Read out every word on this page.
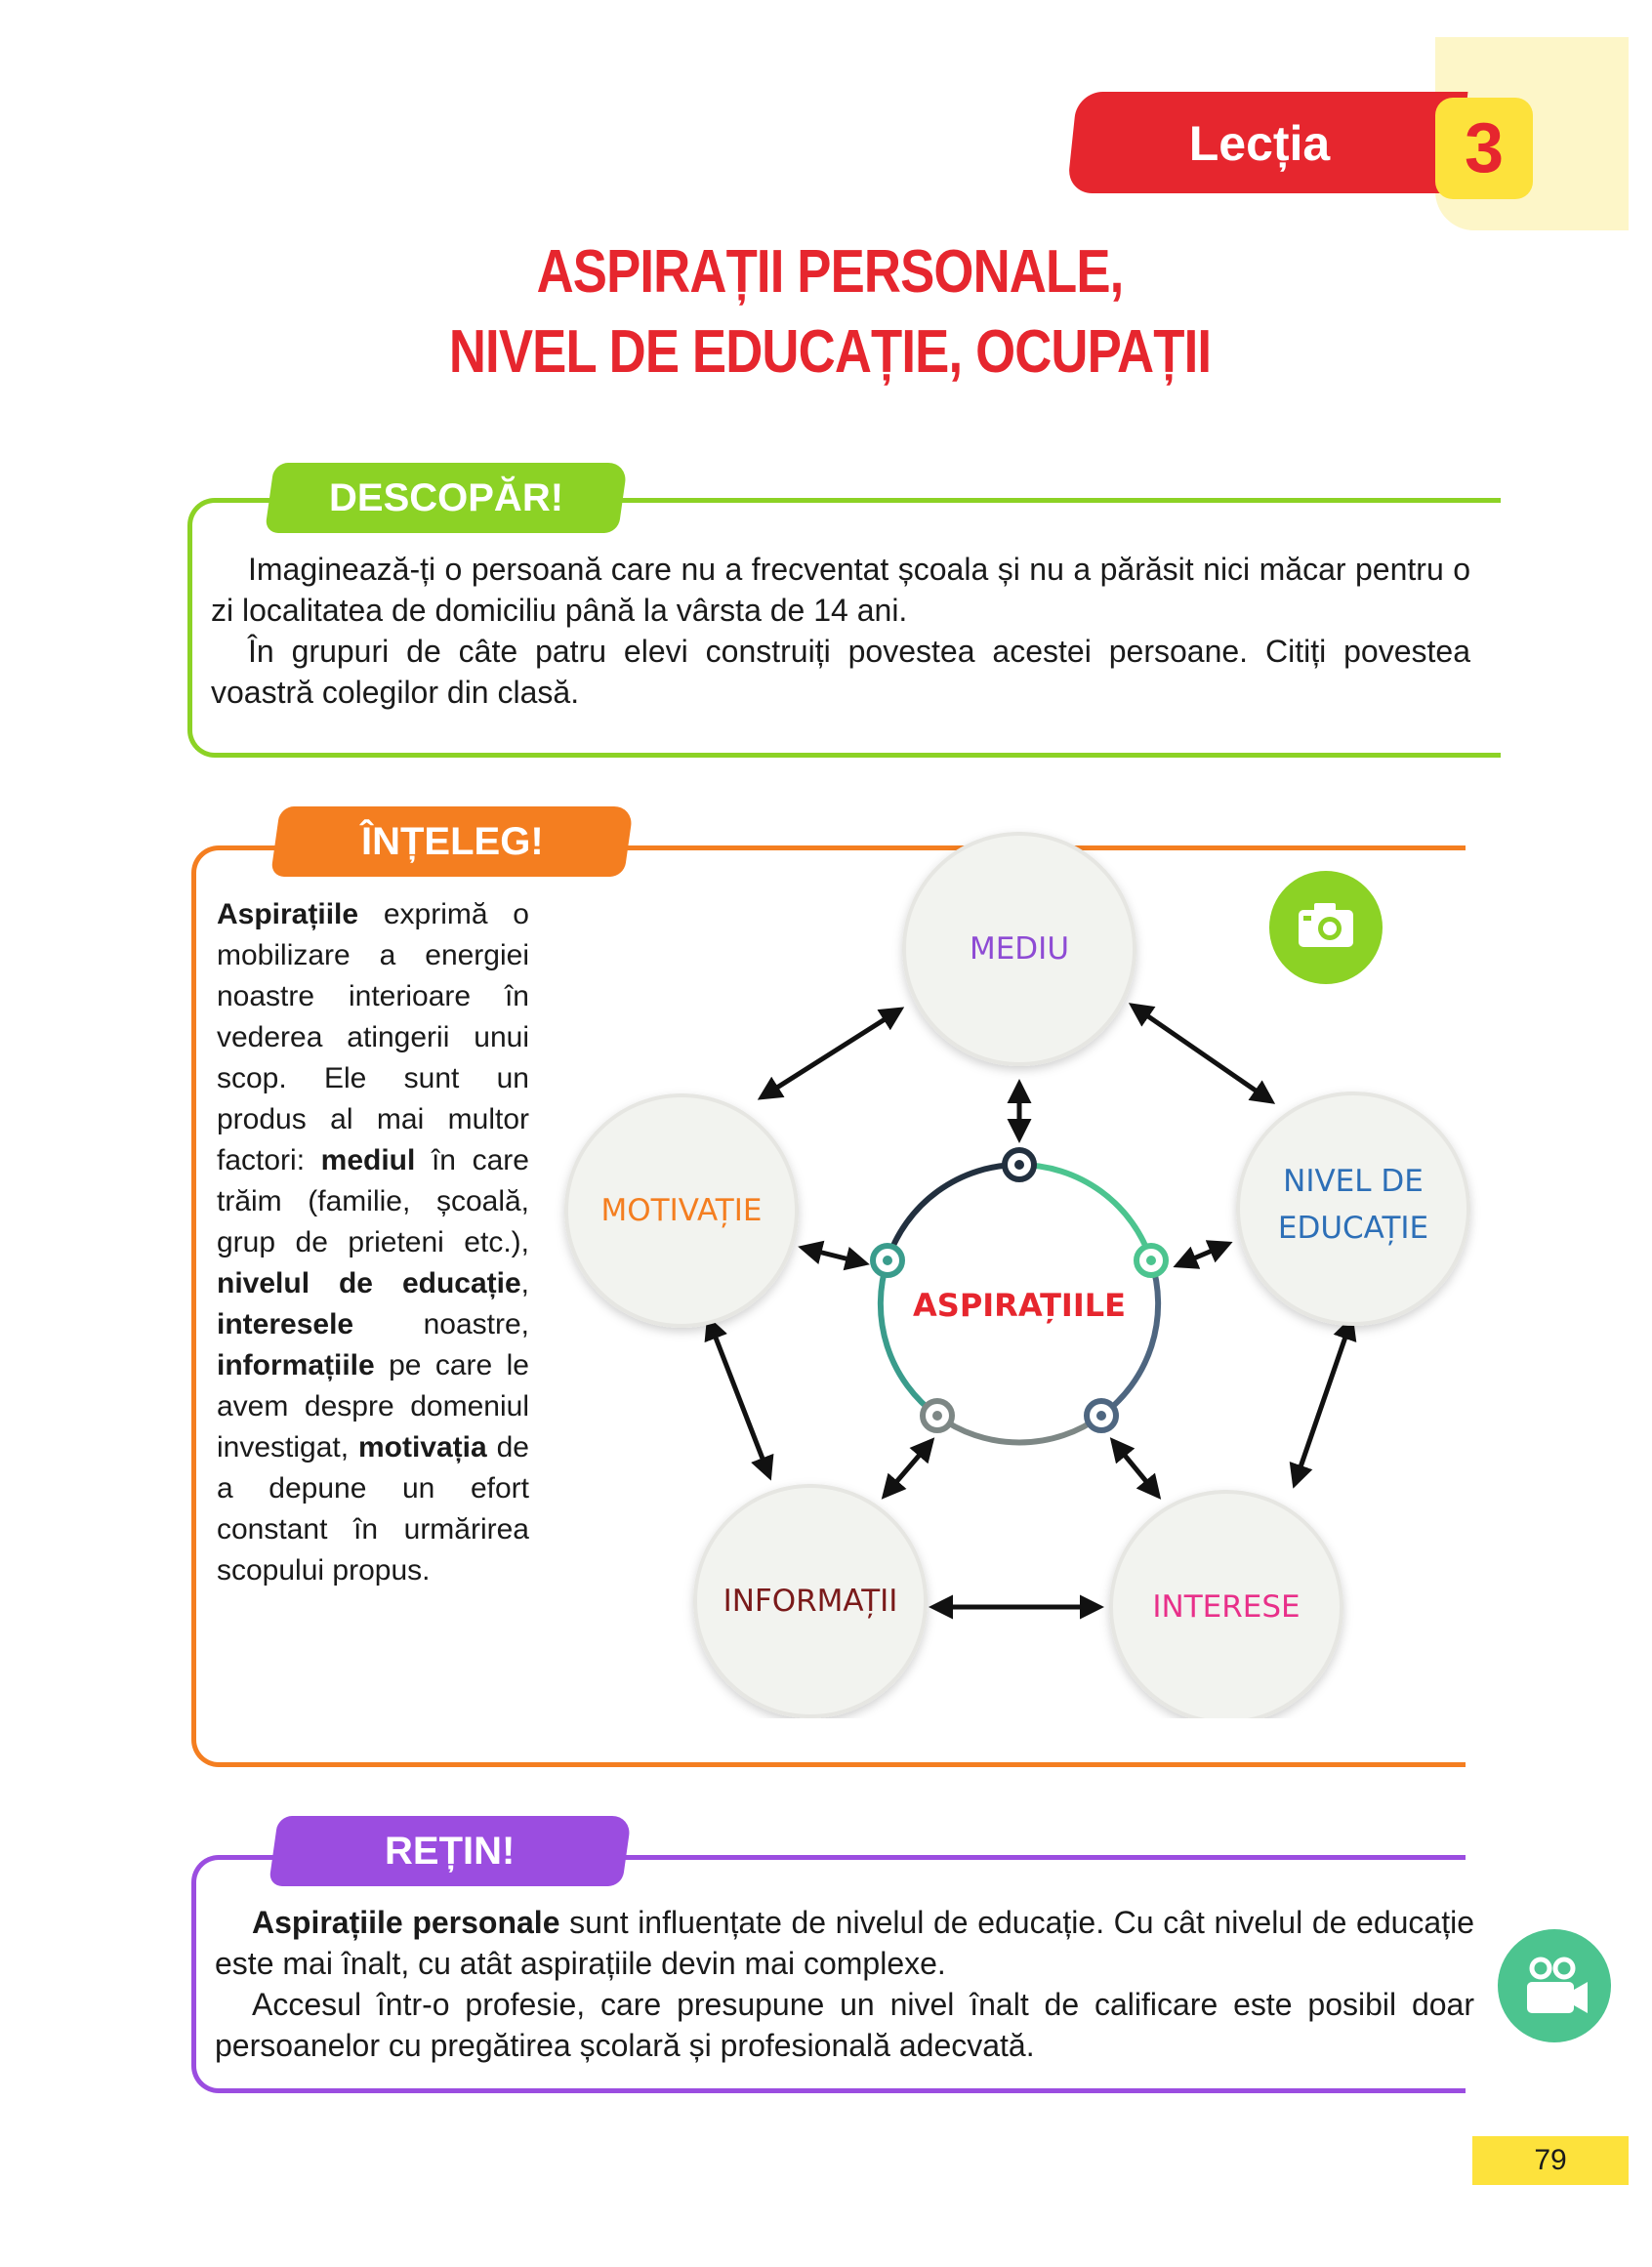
Lecția	3
ASPIRAȚII PERSONALE,
NIVEL DE EDUCAȚIE, OCUPAȚII
DESCOPĂR!

Imaginează-ți o persoană care nu a frecventat școala și nu a părăsit nici măcar pentru o zi localitatea de domiciliu până la vârsta de 14 ani.

În grupuri de câte patru elevi construiți povestea acestei persoane. Citiți povestea voastră colegilor din clasă.

ÎNȚELEG!
Aspirațiile exprimă o mobilizare a energiei noastre interioare în vederea atingerii unui scop. Ele sunt un produs al mai multor factori: mediul în care trăim (familie, școală, grup de prieteni etc.), nivelul de educație, interesele noastre, informațiile pe care le avem despre domeniul investigat, motivația de a depune un efort constant în urmărirea scopului propus.
ASPIRAȚIILE
MEDIU
MOTIVAȚIE
NIVEL DE
EDUCAȚIE
INFORMAȚII	INTERESE
REȚIN!

Aspirațiile personale sunt influențate de nivelul de educație. Cu cât nivelul de educație este mai înalt, cu atât aspirațiile devin mai complexe.

Accesul într-o profesie, care presupune un nivel înalt de calificare este posibil doar persoanelor cu pregătirea școlară și profesională adecvată.

79
